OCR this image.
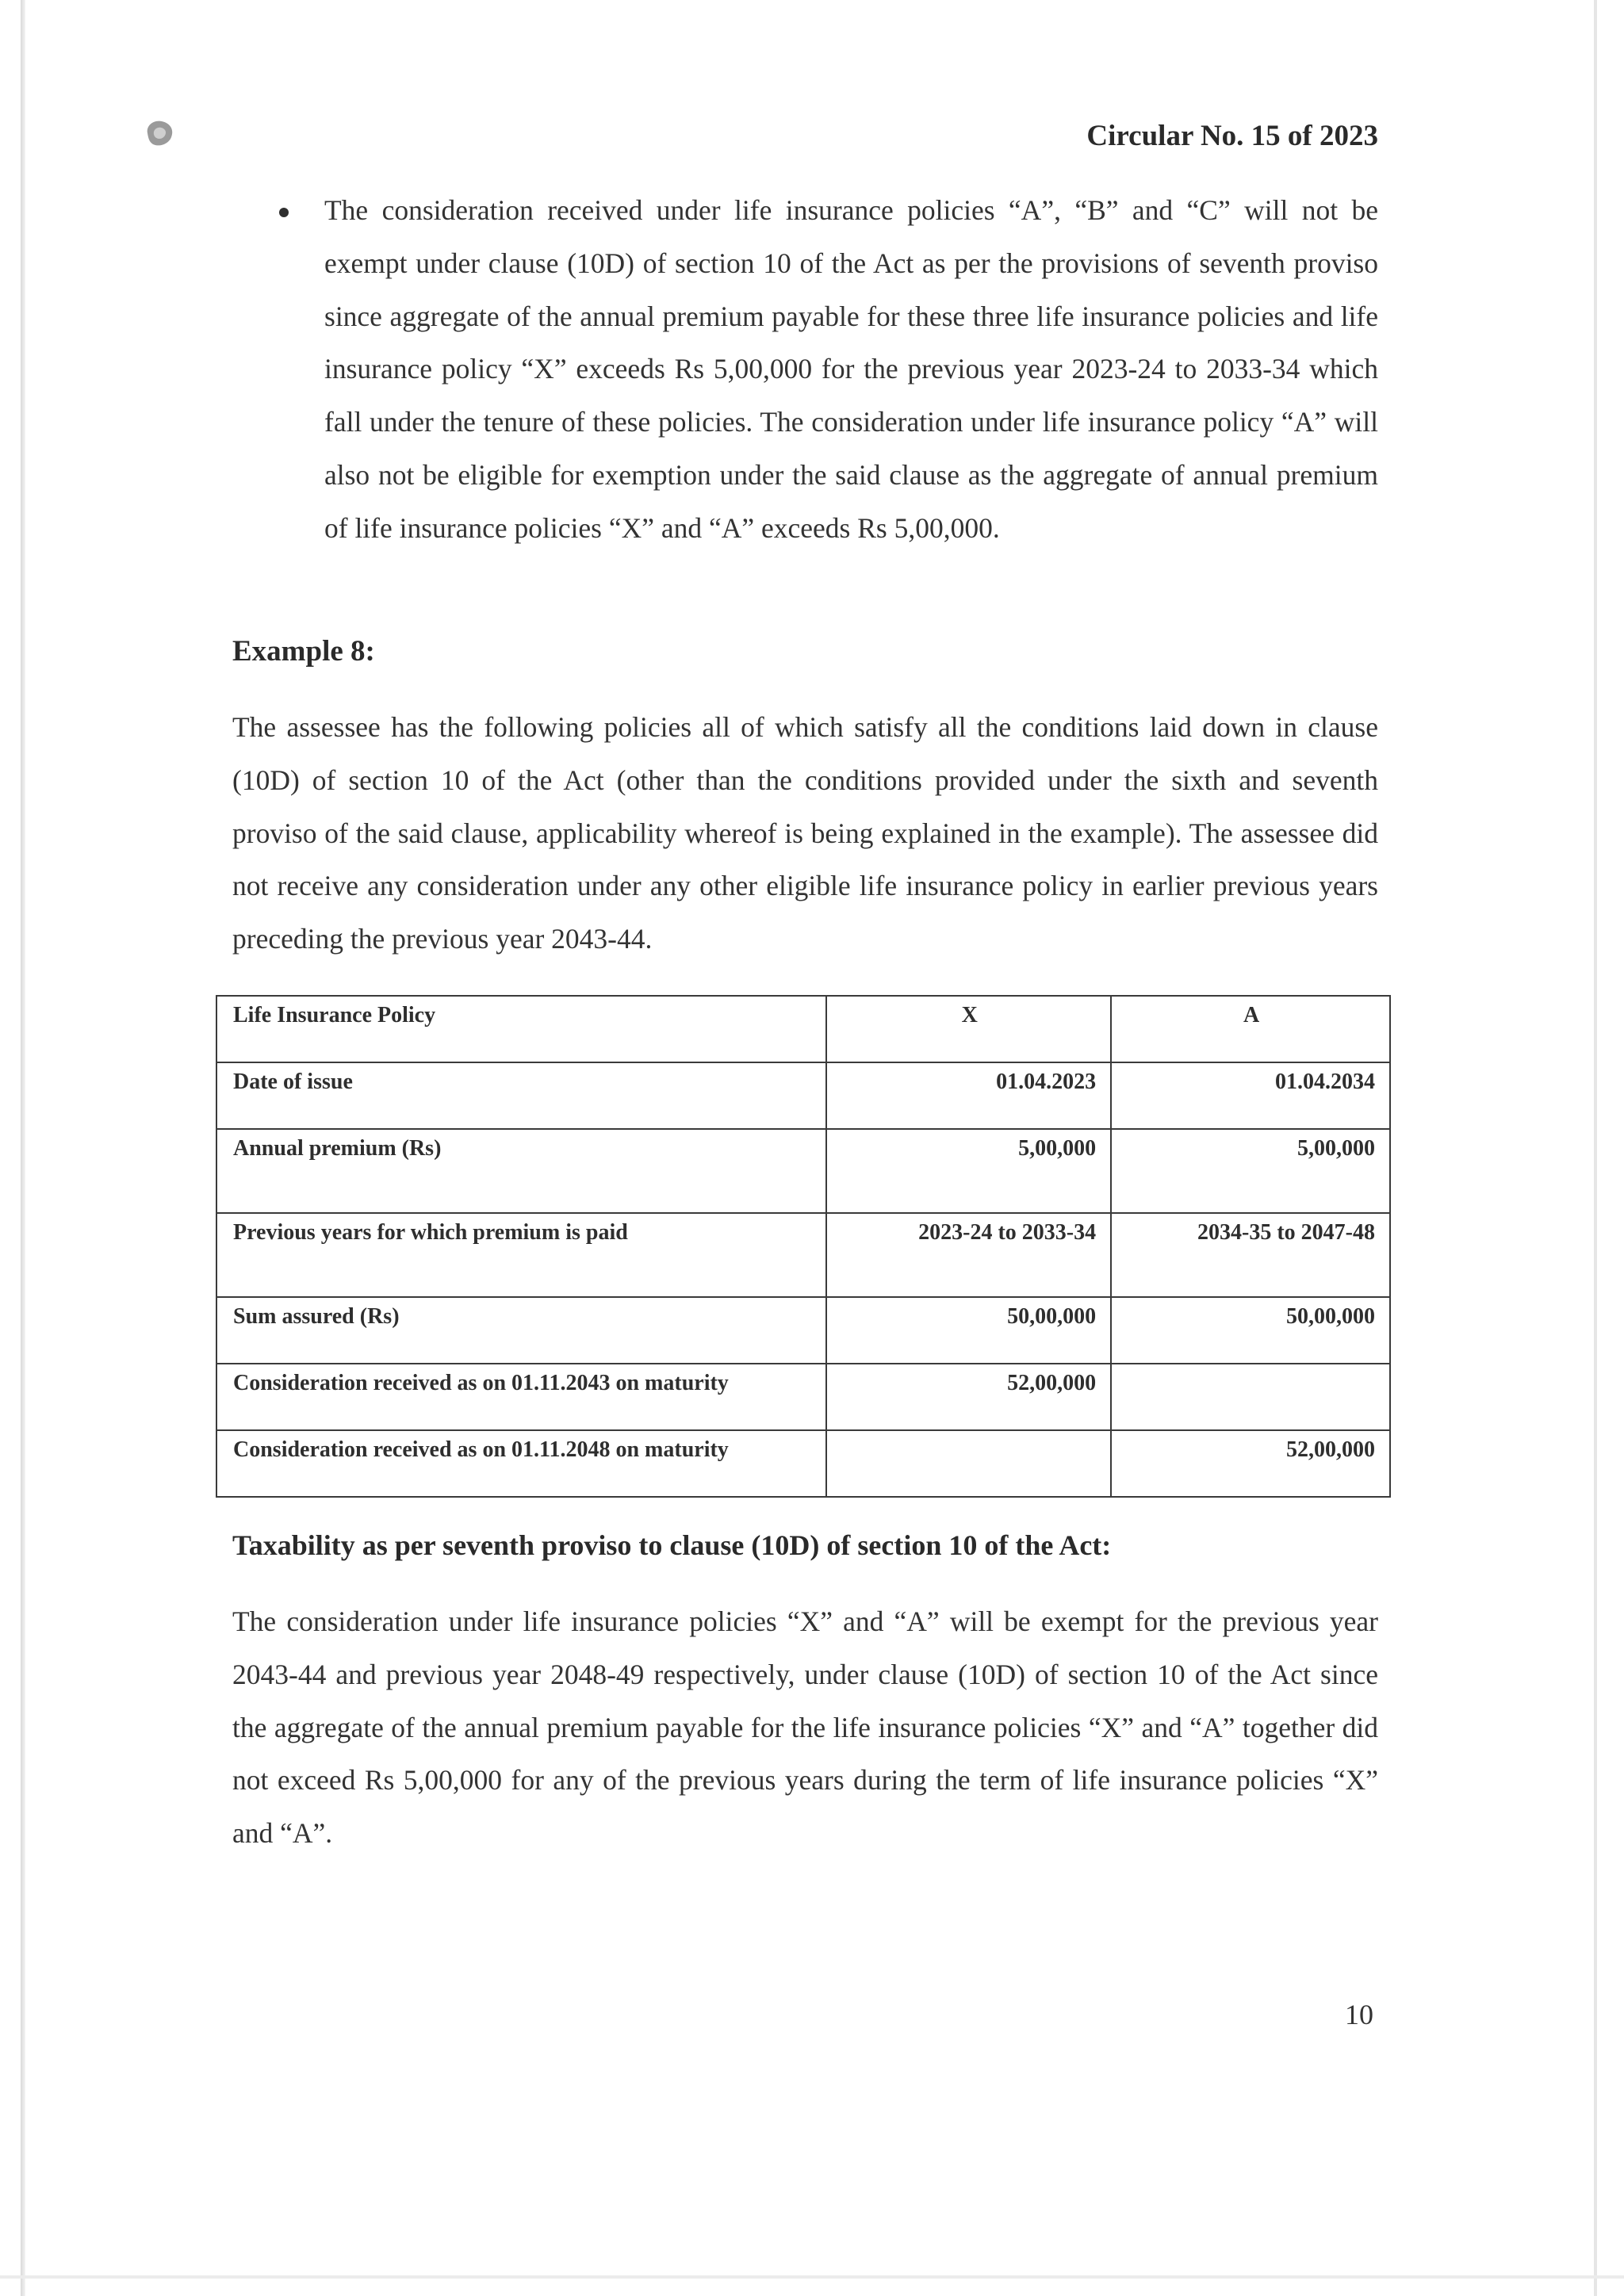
Circular No. 15 of 2023
The consideration received under life insurance policies “A”, “B” and “C” will not be exempt under clause (10D) of section 10 of the Act as per the provisions of seventh proviso since aggregate of the annual premium payable for these three life insurance policies and life insurance policy “X” exceeds Rs 5,00,000 for the previous year 2023-24 to 2033-34 which fall under the tenure of these policies. The consideration under life insurance policy “A” will also not be eligible for exemption under the said clause as the aggregate of annual premium of life insurance policies “X” and “A” exceeds Rs 5,00,000.
Example 8:
The assessee has the following policies all of which satisfy all the conditions laid down in clause (10D) of section 10 of the Act (other than the conditions provided under the sixth and seventh proviso of the said clause, applicability whereof is being explained in the example). The assessee did not receive any consideration under any other eligible life insurance policy in earlier previous years preceding the previous year 2043-44.
Life Insurance Policy	X	A
Date of issue	01.04.2023	01.04.2034
Annual premium (Rs)	5,00,000	5,00,000
Previous years for which premium is paid	2023-24 to 2033-34	2034-35 to 2047-48
Sum assured (Rs)	50,00,000	50,00,000
Consideration received as on 01.11.2043 on maturity	52,00,000	
Consideration received as on 01.11.2048 on maturity		52,00,000
Taxability as per seventh proviso to clause (10D) of section 10 of the Act:
The consideration under life insurance policies “X” and “A” will be exempt for the previous year 2043-44 and previous year 2048-49 respectively, under clause (10D) of section 10 of the Act since the aggregate of the annual premium payable for the life insurance policies “X” and “A” together did not exceed Rs 5,00,000 for any of the previous years during the term of life insurance policies “X” and “A”.
10
